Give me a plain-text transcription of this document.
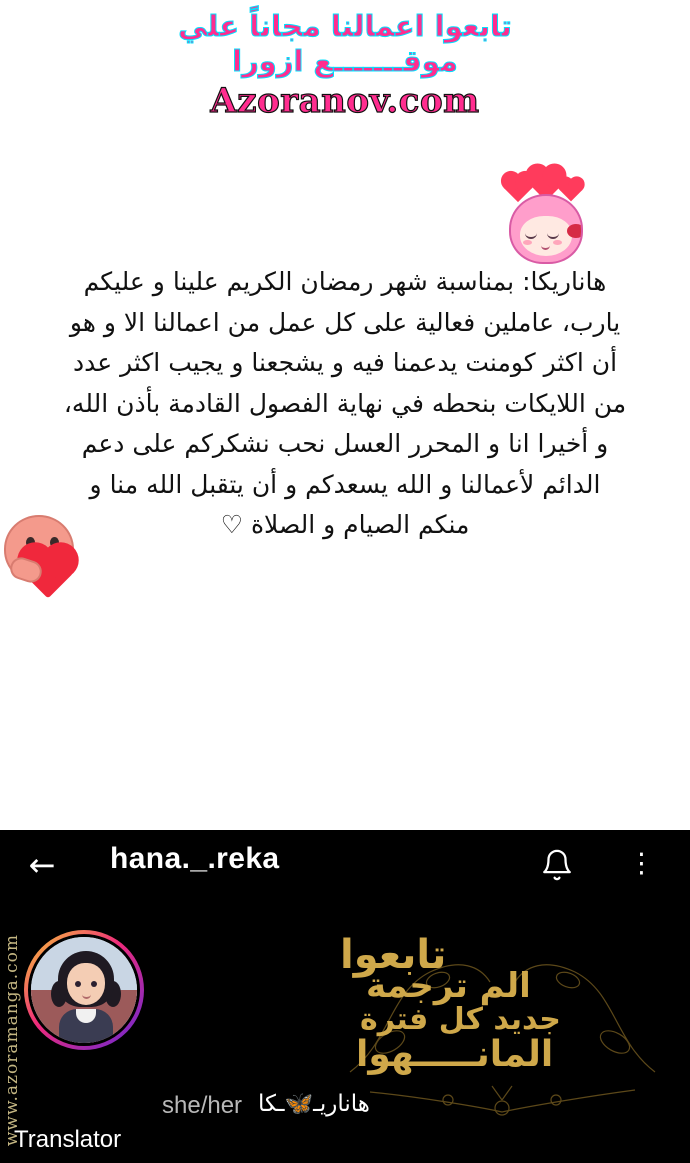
تابعوا اعمالنا مجاناً علي
موقـــــــع ازورا
Azoranov.com
هاناريكا: بمناسبة شهر رمضان الكريم علينا و عليكم يارب، عاملين فعالية على كل عمل من اعمالنا الا و هو أن اكثر كومنت يدعمنا فيه و يشجعنا و يجيب اكثر عدد من اللايكات بنحطه في نهاية الفصول القادمة بأذن الله، و أخيرا انا و المحرر العسل نحب نشكركم على دعم الدائم لأعمالنا و الله يسعدكم و أن يتقبل الله منا و منكم الصيام و الصلاة ♡
← hana._.reka	⋮
www.azoramanga.com	تابعوا
الم ترجمة
جديد كل فترة
المانـــــهوا
she/her هاناريـ🦋ـكا
Translator
